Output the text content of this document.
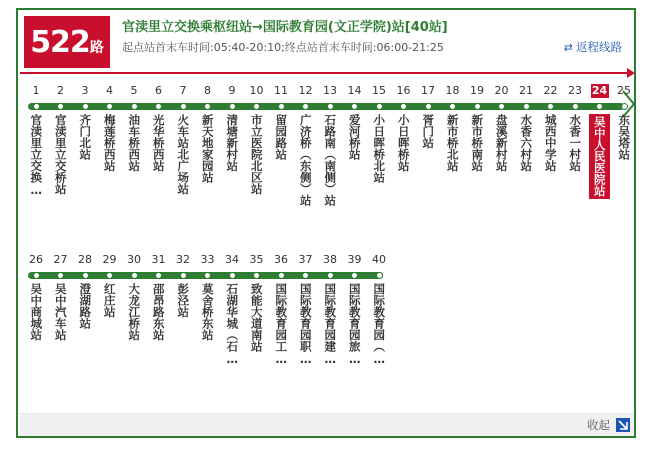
522 路
官渎里立交换乘枢纽站→国际教育园(文正学院)站[40站]
起点站首末车时间:05:40-20:10;终点站首末车时间:06:00-21:25	⇄ 返程线路
1
官渎里立交换…
2
官渎里立交桥站
3
齐门北站
4
梅莲桥西站
5
油车桥西站
6
光华桥西站
7
火车站北广场站
8
新天地家园站
9
清塘新村站
10
市立医院北区站
11
留园路站
12
广济桥︵东侧︶站
13
石路南︵南侧︶站
14
爱河桥站
15
小日晖桥北站
16
小日晖桥站
17
胥门站
18
新市桥北站
19
新市桥南站
20
盘溪新村站
21
水香六村站
22
城西中学站
23
水香一村站
24
吴中人民医院站
25
东吴塔站
26
吴中商城站
27
吴中汽车站
28
澄湖路站
29
红庄站
30
大龙江桥站
31
邵昂路东站
32
彭泾站
33
莫舍桥东站
34
石湖华城︵石…
35
致能大道南站
36
国际教育园工…
37
国际教育园职…
38
国际教育园建…
39
国际教育园旅…
40
国际教育园︵…
收起
